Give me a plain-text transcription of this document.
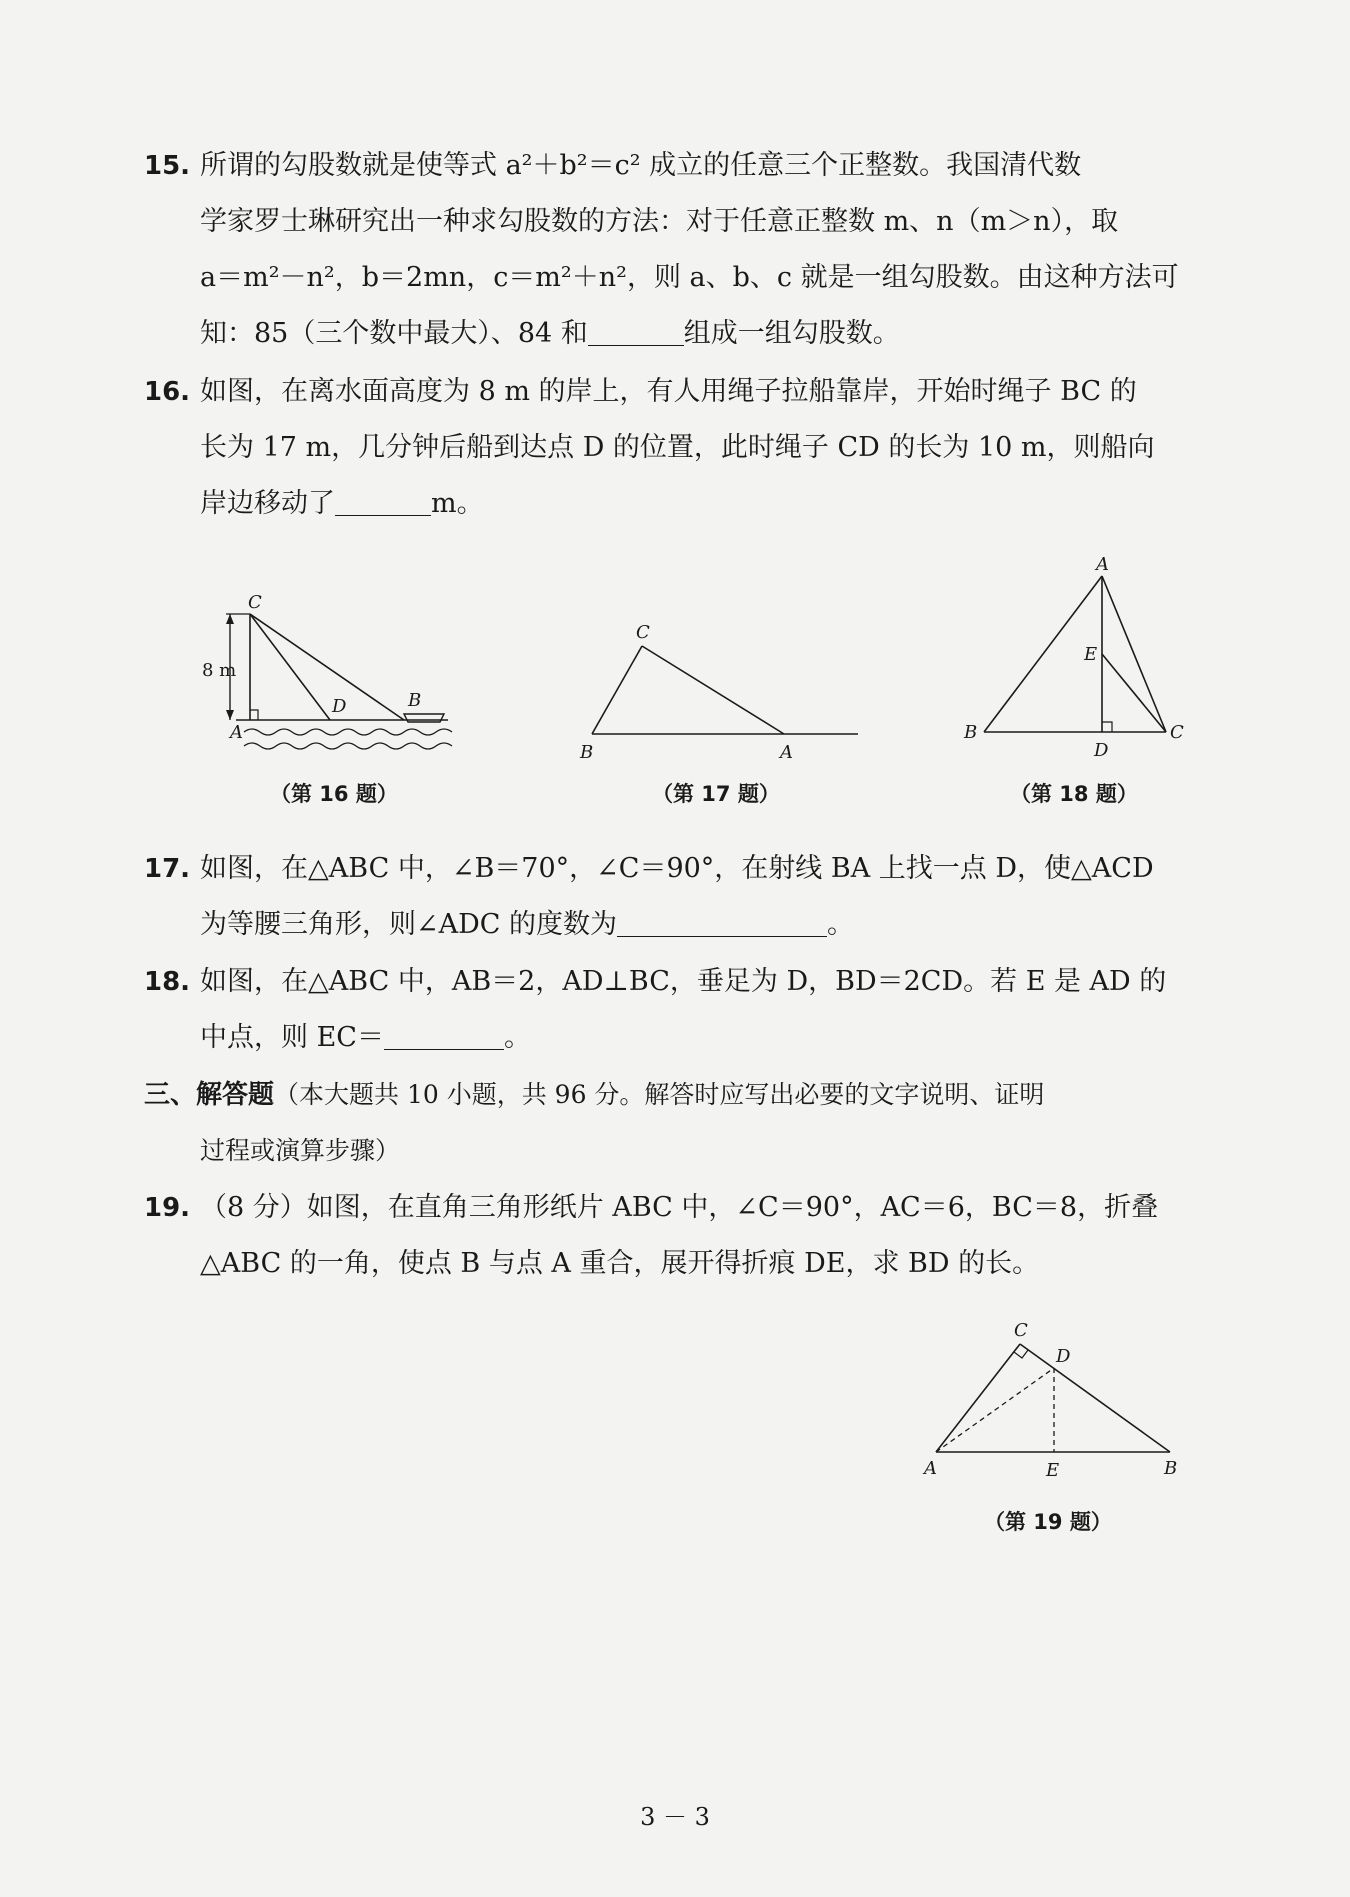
15. 所谓的勾股数就是使等式 a²＋b²＝c² 成立的任意三个正整数。我国清代数
学家罗士琳研究出一种求勾股数的方法：对于任意正整数 m、n（m＞n），取
a＝m²－n²，b＝2mn，c＝m²＋n²，则 a、b、c 就是一组勾股数。由这种方法可
知：85（三个数中最大）、84 和	组成一组勾股数。
16. 如图，在离水面高度为 8 m 的岸上，有人用绳子拉船靠岸，开始时绳子 BC 的
长为 17 m，几分钟后船到达点 D 的位置，此时绳子 CD 的长为 10 m，则船向
岸边移动了	m。
8 m
C
D	B
A
（第 16 题）
C
B	A
（第 17 题）
A
E
B
D
C
（第 18 题）
17. 如图，在△ABC 中，∠B＝70°，∠C＝90°，在射线 BA 上找一点 D，使△ACD
为等腰三角形，则∠ADC 的度数为	。
18. 如图，在△ABC 中，AB＝2，AD⊥BC，垂足为 D，BD＝2CD。若 E 是 AD 的
中点，则 EC＝	。
三、解答题（本大题共 10 小题，共 96 分。解答时应写出必要的文字说明、证明
过程或演算步骤）
19. （8 分）如图，在直角三角形纸片 ABC 中，∠C＝90°，AC＝6，BC＝8，折叠
△ABC 的一角，使点 B 与点 A 重合，展开得折痕 DE，求 BD 的长。
C
D
A	E	B
（第 19 题）
3 － 3
